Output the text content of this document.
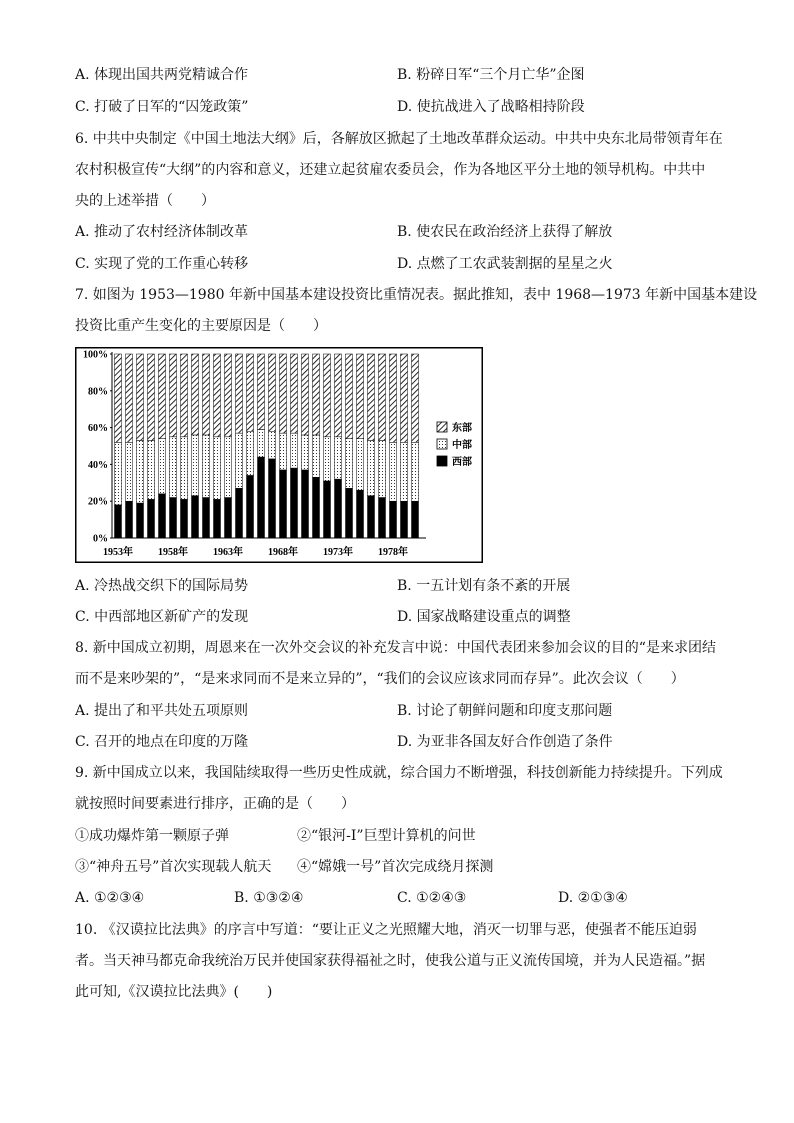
A. 体现出国共两党精诚合作	B. 粉碎日军“三个月亡华”企图
C. 打破了日军的“囚笼政策”	D. 使抗战进入了战略相持阶段
6. 中共中央制定《中国土地法大纲》后，各解放区掀起了土地改革群众运动。中共中央东北局带领青年在
农村积极宣传“大纲”的内容和意义，还建立起贫雇农委员会，作为各地区平分土地的领导机构。中共中
央的上述举措（　　）
A. 推动了农村经济体制改革	B. 使农民在政治经济上获得了解放
C. 实现了党的工作重心转移	D. 点燃了工农武装割据的星星之火
7. 如图为 1953—1980 年新中国基本建设投资比重情况表。据此推知，表中 1968—1973 年新中国基本建设
投资比重产生变化的主要原因是（　　）
0%
20%
40%
60%
80%
100%
1953年	1958年	1963年	1968年	1973年	1978年
东部
中部
西部
A. 冷热战交织下的国际局势	B. 一五计划有条不紊的开展
C. 中西部地区新矿产的发现	D. 国家战略建设重点的调整
8. 新中国成立初期，周恩来在一次外交会议的补充发言中说：中国代表团来参加会议的目的“是来求团结
而不是来吵架的”，“是来求同而不是来立异的”，“我们的会议应该求同而存异”。此次会议（　　）
A. 提出了和平共处五项原则	B. 讨论了朝鲜问题和印度支那问题
C. 召开的地点在印度的万隆	D. 为亚非各国友好合作创造了条件
9. 新中国成立以来，我国陆续取得一些历史性成就，综合国力不断增强，科技创新能力持续提升。下列成
就按照时间要素进行排序，正确的是（　　）
①成功爆炸第一颗原子弹	②“银河-I”巨型计算机的问世
③“神舟五号”首次实现载人航天 ④“嫦娥一号”首次完成绕月探测
A. ①②③④	B. ①③②④	C. ①②④③	D. ②①③④
10. 《汉谟拉比法典》的序言中写道：“要让正义之光照耀大地，消灭一切罪与恶，使强者不能压迫弱
者。当天神马都克命我统治万民并使国家获得福祉之时，使我公道与正义流传国境，并为人民造福。”据
此可知,《汉谟拉比法典》(　　)
